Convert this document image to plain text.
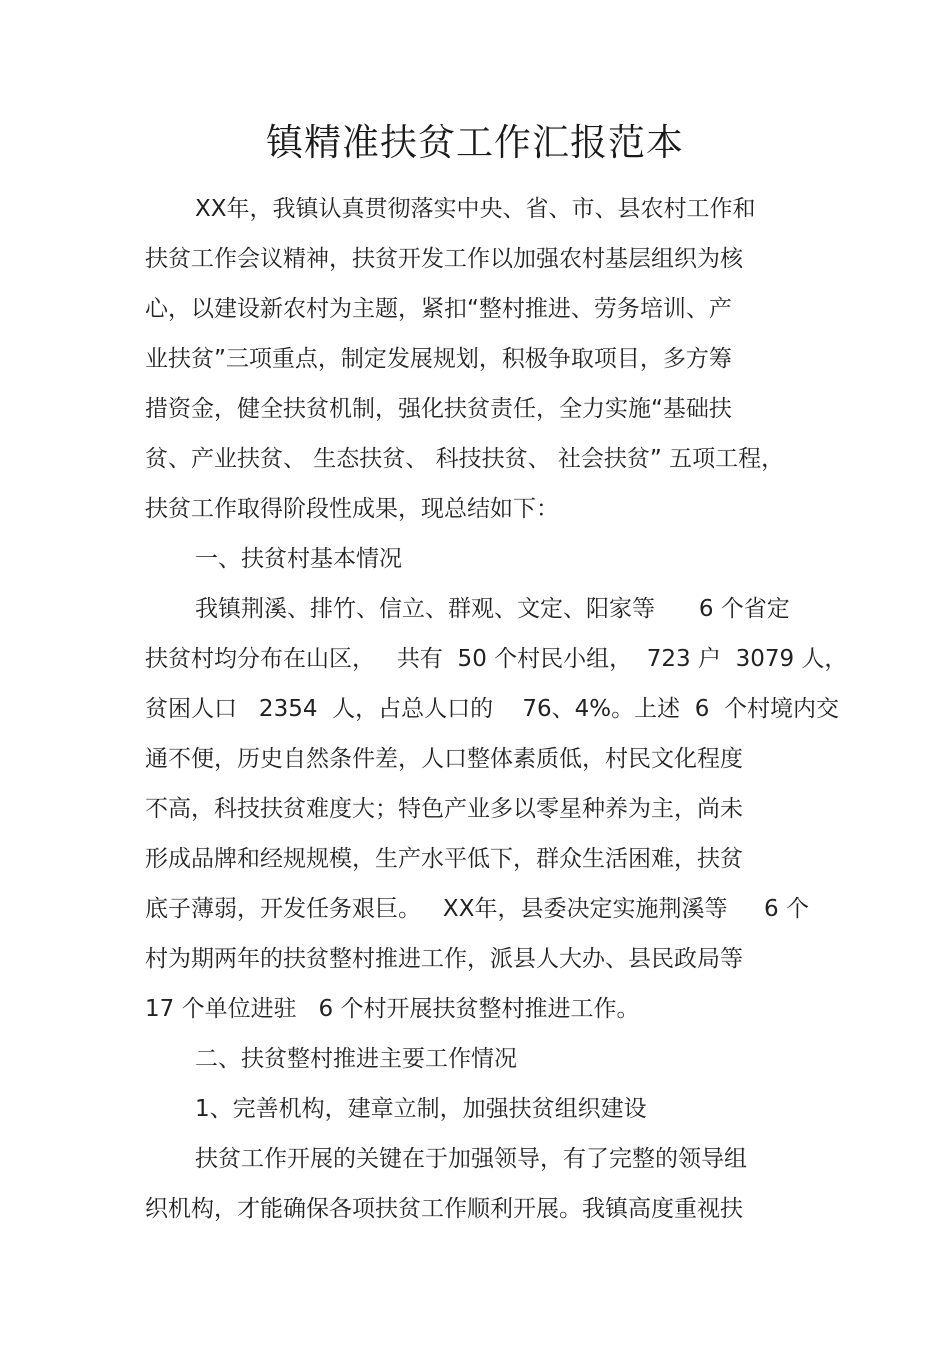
镇精准扶贫工作汇报范本
XX年，我镇认真贯彻落实中央、省、市、县农村工作和
扶贫工作会议精神，扶贫开发工作以加强农村基层组织为核
心，以建设新农村为主题，紧扣“整村推进、劳务培训、产
业扶贫”三项重点，制定发展规划，积极争取项目，多方筹
措资金，健全扶贫机制，强化扶贫责任，全力实施“基础扶
贫、产业扶贫、 生态扶贫、 科技扶贫、 社会扶贫” 五项工程，
扶贫工作取得阶段性成果，现总结如下：
一、扶贫村基本情况
我镇荆溪、排竹、信立、群观、文定、阳家等      6 个省定
扶贫村均分布在山区，   共有  50 个村民小组，  723 户  3079 人，
贫困人口   2354  人，占总人口的    76、4%。上述  6  个村境内交
通不便，历史自然条件差，人口整体素质低，村民文化程度
不高，科技扶贫难度大；特色产业多以零星种养为主，尚未
形成品牌和经规规模，生产水平低下，群众生活困难，扶贫
底子薄弱，开发任务艰巨。   XX年，县委决定实施荆溪等     6 个
村为期两年的扶贫整村推进工作，派县人大办、县民政局等
17 个单位进驻   6 个村开展扶贫整村推进工作。
二、扶贫整村推进主要工作情况
1、完善机构，建章立制，加强扶贫组织建设
扶贫工作开展的关键在于加强领导，有了完整的领导组
织机构，才能确保各项扶贫工作顺利开展。我镇高度重视扶
